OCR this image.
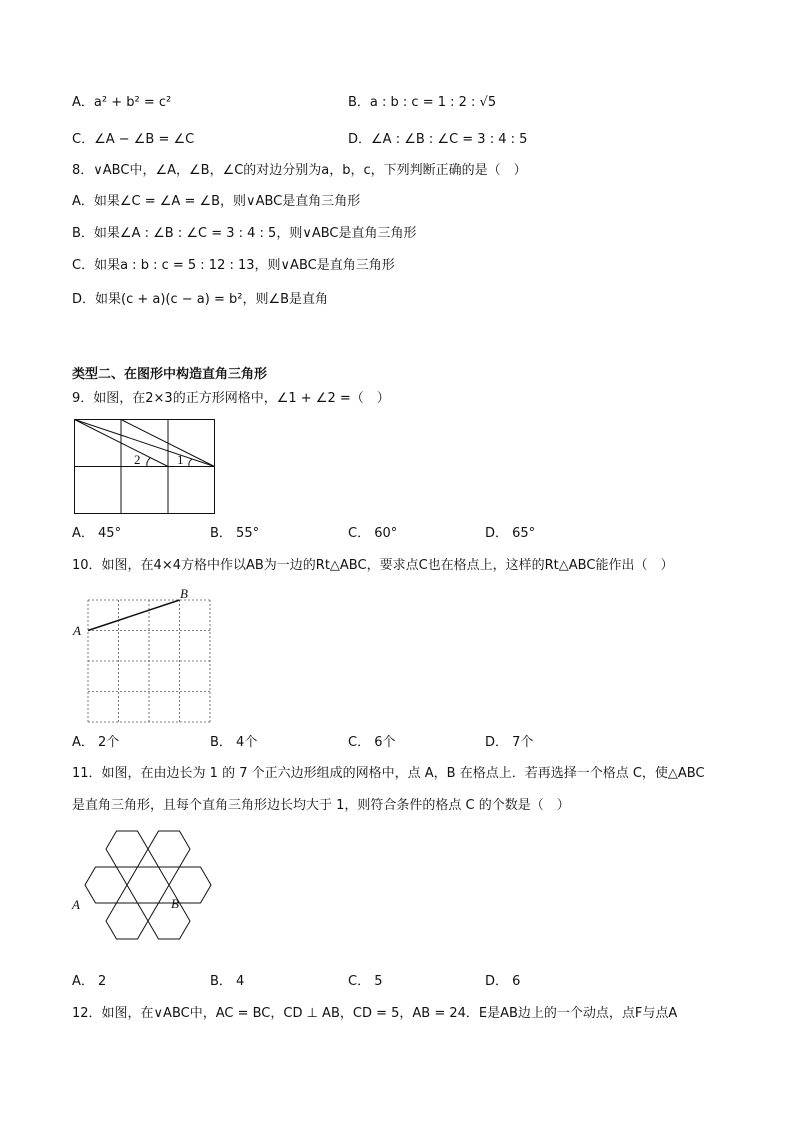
A．a² + b² = c²	B．a : b : c = 1 : 2 : √5
C．∠A − ∠B = ∠C	D．∠A : ∠B : ∠C = 3 : 4 : 5
8．∨ABC中，∠A，∠B，∠C的对边分别为a，b，c，下列判断正确的是（　）
A．如果∠C = ∠A = ∠B，则∨ABC是直角三角形
B．如果∠A : ∠B : ∠C = 3 : 4 : 5，则∨ABC是直角三角形
C．如果a : b : c = 5 : 12 : 13，则∨ABC是直角三角形
D．如果(c + a)(c − a) = b²，则∠B是直角
类型二、在图形中构造直角三角形
9．如图，在2×3的正方形网格中，∠1 + ∠2 =（　）
2	1
A． 45°	B． 55°	C． 60°	D． 65°
10．如图，在4×4方格中作以AB为一边的Rt△ABC，要求点C也在格点上，这样的Rt△ABC能作出（　）
A
B
A． 2个	B． 4个	C． 6个	D． 7个
11．如图，在由边长为 1 的 7 个正六边形组成的网格中，点 A，B 在格点上．若再选择一个格点 C，使△ABC
是直角三角形，且每个直角三角形边长均大于 1，则符合条件的格点 C 的个数是（　）
A	B
A． 2	B． 4	C． 5	D． 6
12．如图，在∨ABC中，AC = BC，CD ⊥ AB，CD = 5，AB = 24．E是AB边上的一个动点，点F与点A
